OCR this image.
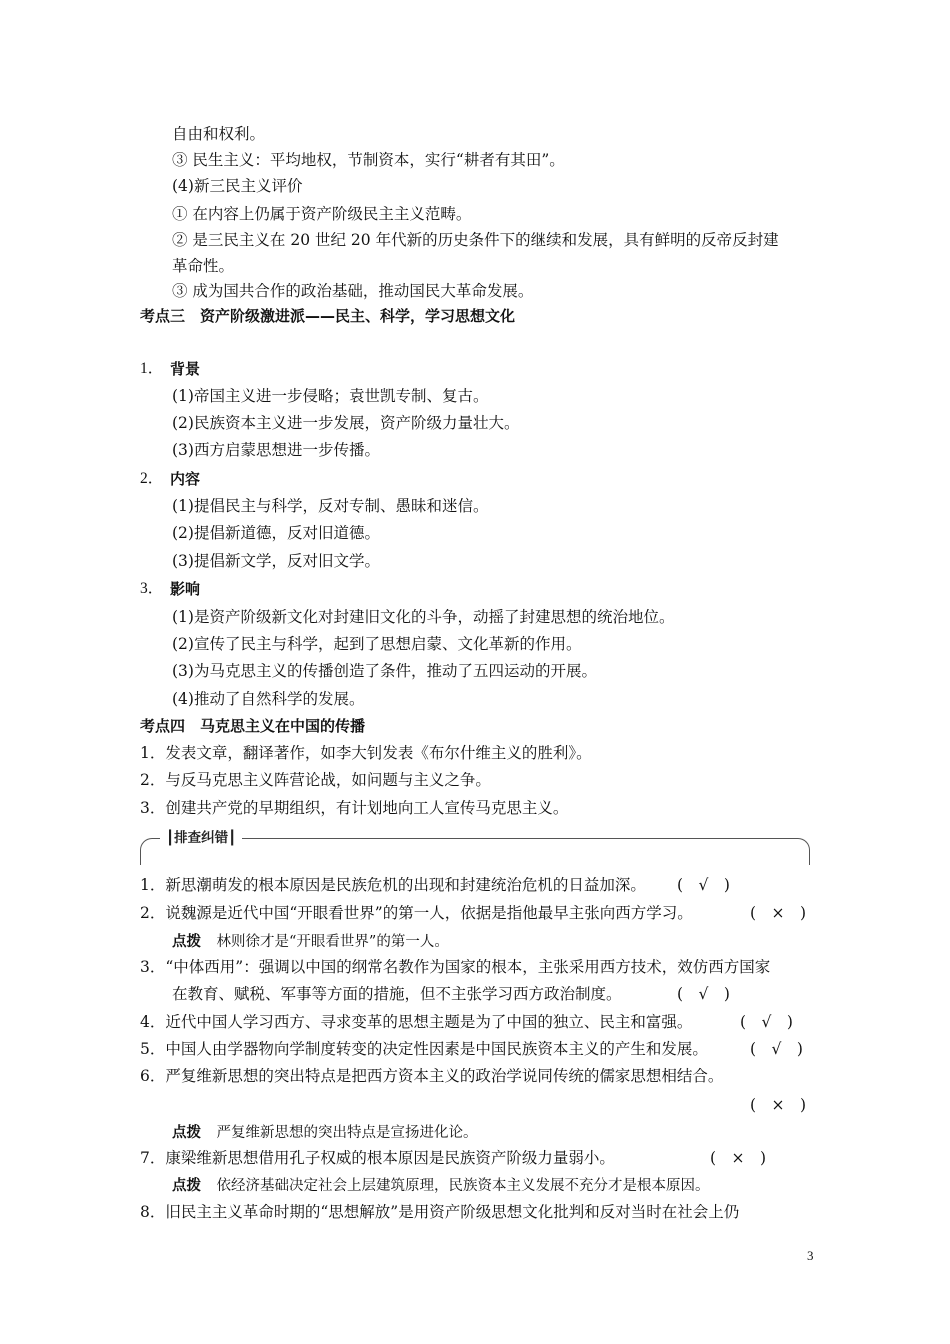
自由和权利。
③ 民生主义：平均地权，节制资本，实行“耕者有其田”。
(4)新三民主义评价
① 在内容上仍属于资产阶级民主主义范畴。
② 是三民主义在 20 世纪 20 年代新的历史条件下的继续和发展，具有鲜明的反帝反封建
革命性。
③ 成为国共合作的政治基础，推动国民大革命发展。
考点三　资产阶级激进派——民主、科学，学习思想文化
1． 背景
(1)帝国主义进一步侵略；袁世凯专制、复古。
(2)民族资本主义进一步发展，资产阶级力量壮大。
(3)西方启蒙思想进一步传播。
2． 内容
(1)提倡民主与科学，反对专制、愚昧和迷信。
(2)提倡新道德，反对旧道德。
(3)提倡新文学，反对旧文学。
3． 影响
(1)是资产阶级新文化对封建旧文化的斗争，动摇了封建思想的统治地位。
(2)宣传了民主与科学，起到了思想启蒙、文化革新的作用。
(3)为马克思主义的传播创造了条件，推动了五四运动的开展。
(4)推动了自然科学的发展。
考点四　马克思主义在中国的传播
1．发表文章，翻译著作，如李大钊发表《布尔什维主义的胜利》。
2．与反马克思主义阵营论战，如问题与主义之争。
3．创建共产党的早期组织，有计划地向工人宣传马克思主义。
┃排查纠错┃
1．新思潮萌发的根本原因是民族危机的出现和封建统治危机的日益加深。 (　√　)
2．说魏源是近代中国“开眼看世界”的第一人，依据是指他最早主张向西方学习。	(　×　)
点拨　 林则徐才是“开眼看世界”的第一人。
3．“中体西用”：强调以中国的纲常名教作为国家的根本，主张采用西方技术，效仿西方国家
在教育、赋税、军事等方面的措施，但不主张学习西方政治制度。	(　√　)
4．近代中国人学习西方、寻求变革的思想主题是为了中国的独立、民主和富强。	(　√　)
5．中国人由学器物向学制度转变的决定性因素是中国民族资本主义的产生和发展。	(　√　)
6．严复维新思想的突出特点是把西方资本主义的政治学说同传统的儒家思想相结合。
(　×　)
点拨　 严复维新思想的突出特点是宣扬进化论。
7．康梁维新思想借用孔子权威的根本原因是民族资产阶级力量弱小。	(　×　)
点拨　 依经济基础决定社会上层建筑原理，民族资本主义发展不充分才是根本原因。
8．旧民主主义革命时期的“思想解放”是用资产阶级思想文化批判和反对当时在社会上仍
3
